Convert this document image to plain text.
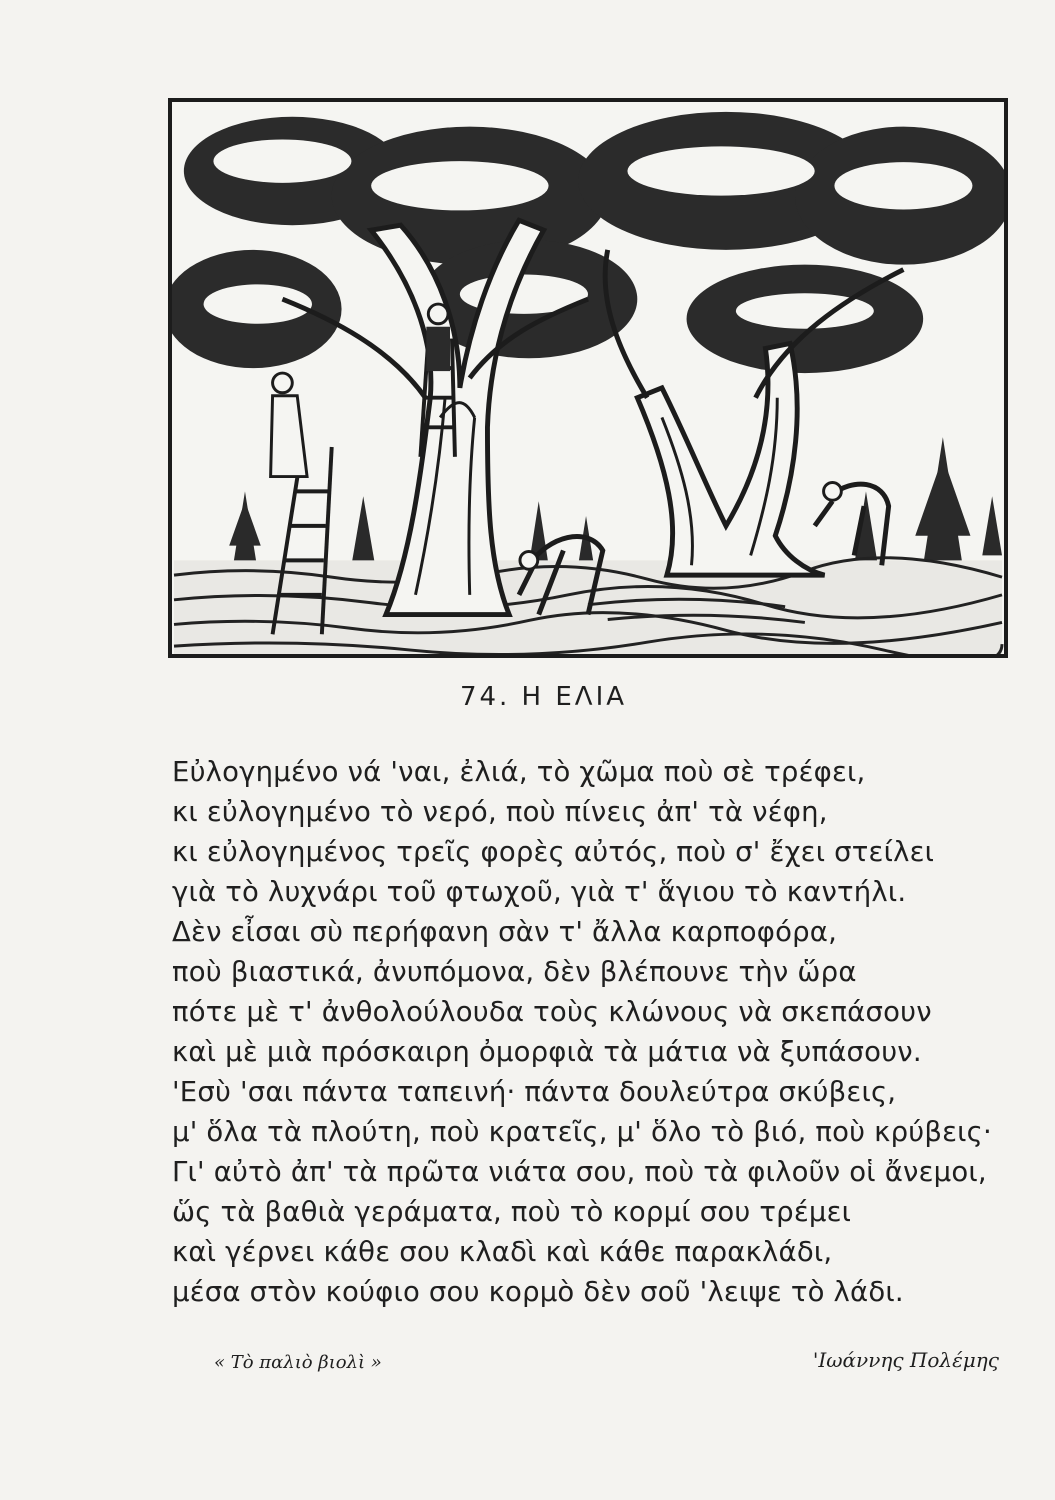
74. Η ΕΛΙΑ
Εὐλογημένο νά 'ναι, ἐλιά, τὸ χῶμα ποὺ σὲ τρέφει,
κι εὐλογημένο τὸ νερό, ποὺ πίνεις ἀπ' τὰ νέφη,
κι εὐλογημένος τρεῖς φορὲς αὐτός, ποὺ σ' ἔχει στείλει
γιὰ τὸ λυχνάρι τοῦ φτωχοῦ, γιὰ τ' ἅγιου τὸ καντήλι.
Δὲν εἶσαι σὺ περήφανη σὰν τ' ἄλλα καρποφόρα,
ποὺ βιαστικά, ἀνυπόμονα, δὲν βλέπουνε τὴν ὥρα
πότε μὲ τ' ἀνθολούλουδα τοὺς κλώνους νὰ σκεπάσουν
καὶ μὲ μιὰ πρόσκαιρη ὀμορφιὰ τὰ μάτια νὰ ξυπάσουν.
'Εσὺ 'σαι πάντα ταπεινή· πάντα δουλεύτρα σκύβεις,
μ' ὅλα τὰ πλούτη, ποὺ κρατεῖς, μ' ὅλο τὸ βιό, ποὺ κρύβεις·
Γι' αὐτὸ ἀπ' τὰ πρῶτα νιάτα σου, ποὺ τὰ φιλοῦν οἱ ἄνεμοι,
ὥς τὰ βαθιὰ γεράματα, ποὺ τὸ κορμί σου τρέμει
καὶ γέρνει κάθε σου κλαδὶ καὶ κάθε παρακλάδι,
μέσα στὸν κούφιο σου κορμὸ δὲν σοῦ 'λειψε τὸ λάδι.
« Τὸ παλιὸ βιολὶ »	'Ιωάννης Πολέμης
